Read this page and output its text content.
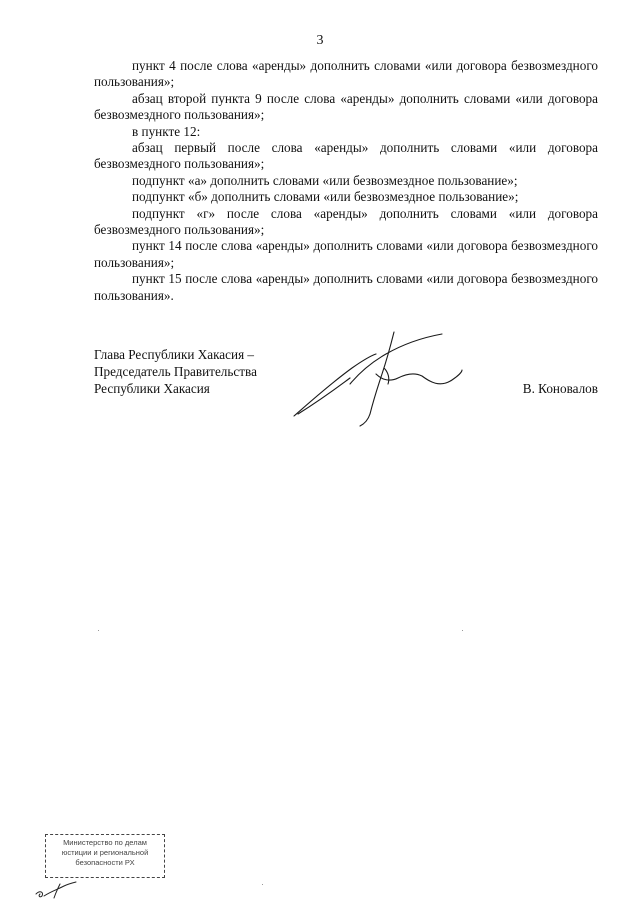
3

пункт 4 после слова «аренды» дополнить словами «или договора безвозмездного пользования»;

абзац второй пункта 9 после слова «аренды» дополнить словами «или договора безвозмездного пользования»;

в пункте 12:

абзац первый после слова «аренды» дополнить словами «или договора безвозмездного пользования»;

подпункт «а» дополнить словами «или безвозмездное пользование»;

подпункт «б» дополнить словами «или безвозмездное пользование»;

подпункт «г» после слова «аренды» дополнить словами «или договора безвозмездного пользования»;

пункт 14 после слова «аренды» дополнить словами «или договора безвозмездного пользования»;

пункт 15 после слова «аренды» дополнить словами «или договора безвозмездного пользования».

Глава Республики Хакасия –
Председатель Правительства
Республики Хакасия	В. Коновалов
Министерство по делам
юстиции и региональной
безопасности РХ
